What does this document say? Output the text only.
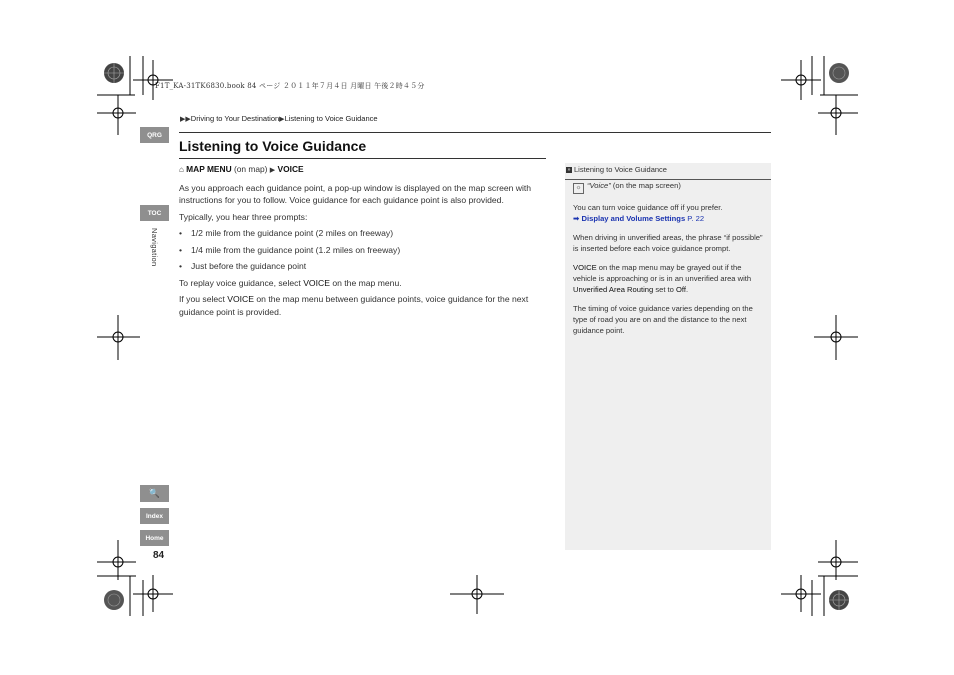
F1T_KA-31TK6830.book 84 ページ ２０１１年７月４日 月曜日 午後２時４５分
QRG
TOC
Navigation
🔍
Index
Home
84
▶▶Driving to Your Destination▶Listening to Voice Guidance
Listening to Voice Guidance

⌂ MAP MENU (on map) ▶ VOICE

As you approach each guidance point, a pop-up window is displayed on the map screen with instructions for you to follow. Voice guidance for each guidance point is also provided.

Typically, you hear three prompts:

•	1/2 mile from the guidance point (2 miles on freeway)
•	1/4 mile from the guidance point (1.2 miles on freeway)
•	Just before the guidance point

To replay voice guidance, select VOICE on the map menu.

If you select VOICE on the map menu between guidance points, voice guidance for the next guidance point is provided.

» Listening to Voice Guidance

☼ “Voice” (on the map screen)

You can turn voice guidance off if you prefer.
➡ Display and Volume Settings P. 22

When driving in unverified areas, the phrase “if possible” is inserted before each voice guidance prompt.

VOICE on the map menu may be grayed out if the vehicle is approaching or is in an unverified area with Unverified Area Routing set to Off.

The timing of voice guidance varies depending on the type of road you are on and the distance to the next guidance point.
